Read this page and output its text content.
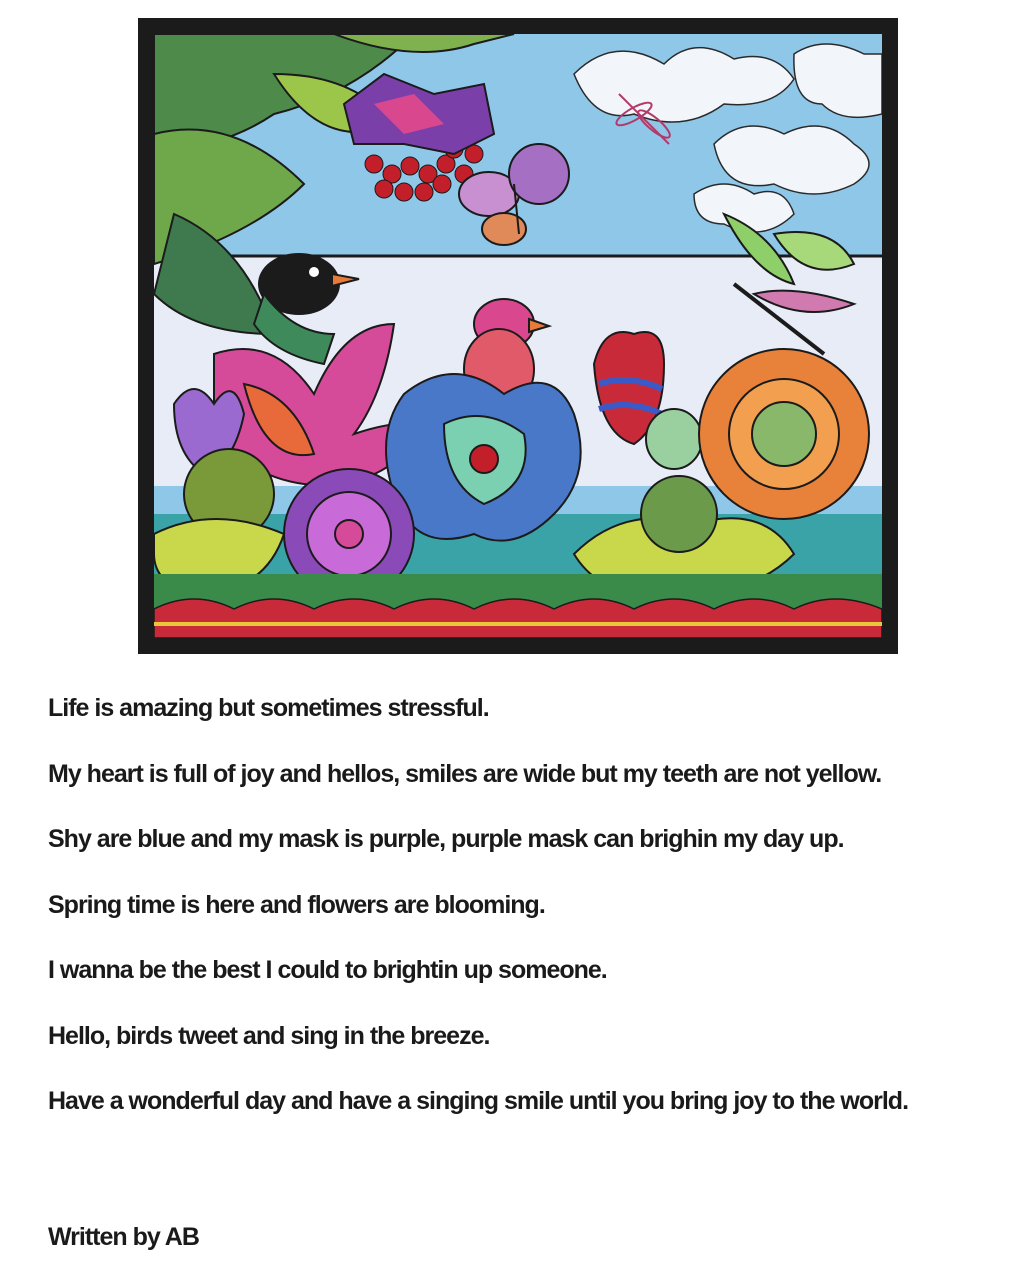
Life is amazing but sometimes stressful.
My heart is full of joy and hellos, smiles are wide but my teeth are not yellow.
Shy are blue and my mask is purple, purple mask can brighin my day up.
Spring time is here and flowers are blooming.
I wanna be the best I could to brightin up someone.
Hello, birds tweet and sing in the breeze.
Have a wonderful day and have a singing smile until you bring joy to the world.
Written by AB
